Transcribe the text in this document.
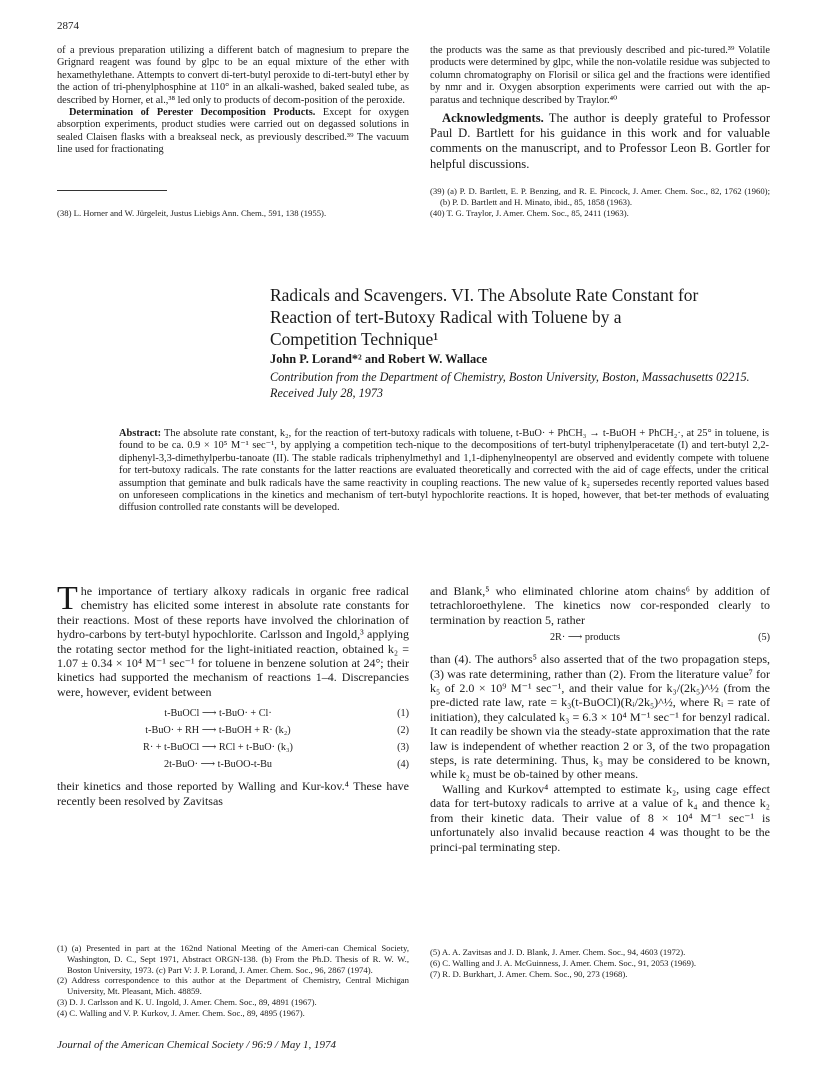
2874

of a previous preparation utilizing a different batch of magnesium to prepare the Grignard reagent was found by glpc to be an equal mixture of the ether with hexamethylethane. Attempts to convert di-tert-butyl peroxide to di-tert-butyl ether by the action of tri-phenylphosphine at 110° in an alkali-washed, baked sealed tube, as described by Horner, et al.,³⁸ led only to products of decom-position of the peroxide.

Determination of Perester Decomposition Products. Except for oxygen absorption experiments, product studies were carried out on degassed solutions in sealed Claisen flasks with a breakseal neck, as previously described.³⁹ The vacuum line used for fractionating

the products was the same as that previously described and pic-tured.³⁹ Volatile products were determined by glpc, while the non-volatile residue was subjected to column chromatography on Florisil or silica gel and the fractions were identified by nmr and ir. Oxygen absorption experiments were carried out with the ap-paratus and technique described by Traylor.⁴⁰

Acknowledgments. The author is deeply grateful to Professor Paul D. Bartlett for his guidance in this work and for valuable comments on the manuscript, and to Professor Leon B. Gortler for helpful discussions.

(38) L. Horner and W. Jürgeleit, Justus Liebigs Ann. Chem., 591, 138 (1955).

(39) (a) P. D. Bartlett, E. P. Benzing, and R. E. Pincock, J. Amer. Chem. Soc., 82, 1762 (1960); (b) P. D. Bartlett and H. Minato, ibid., 85, 1858 (1963).

(40) T. G. Traylor, J. Amer. Chem. Soc., 85, 2411 (1963).

Radicals and Scavengers. VI. The Absolute Rate Constant for Reaction of tert-Butoxy Radical with Toluene by a Competition Technique¹
John P. Lorand*² and Robert W. Wallace
Contribution from the Department of Chemistry, Boston University, Boston, Massachusetts 02215. Received July 28, 1973
Abstract: The absolute rate constant, k₂, for the reaction of tert-butoxy radicals with toluene, t-BuO· + PhCH₃ → t-BuOH + PhCH₂·, at 25° in toluene, is found to be ca. 0.9 × 10⁵ M⁻¹ sec⁻¹, by applying a competition tech-nique to the decompositions of tert-butyl triphenylperacetate (I) and tert-butyl 2,2-diphenyl-3,3-dimethylperbu-tanoate (II). The stable radicals triphenylmethyl and 1,1-diphenylneopentyl are observed and evidently compete with toluene for tert-butoxy radicals. The rate constants for the latter reactions are evaluated theoretically and corrected with the aid of cage effects, under the critical assumption that geminate and bulk radicals have the same reactivity in coupling reactions. The new value of k₂ supersedes recently reported values based on unforeseen complications in the kinetics and mechanism of tert-butyl hypochlorite reactions. It is hoped, however, that bet-ter methods of evaluating diffusion controlled rate constants will be developed.

The importance of tertiary alkoxy radicals in organic free radical chemistry has elicited some interest in absolute rate constants for their reactions. Most of these reports have involved the chlorination of hydro-carbons by tert-butyl hypochlorite. Carlsson and Ingold,³ applying the rotating sector method for the light-initiated reaction, obtained k₂ = 1.07 ± 0.34 × 10⁴ M⁻¹ sec⁻¹ for toluene in benzene solution at 24°; their kinetics had supported the mechanism of reactions 1–4. Discrepancies were, however, evident between

t-BuOCl ⟶ t-BuO· + Cl·	(1)
t-BuO· + RH ⟶ t-BuOH + R· (k₂)	(2)
R· + t-BuOCl ⟶ RCl + t-BuO· (k₃)	(3)
2t-BuO· ⟶ t-BuOO-t-Bu	(4)

their kinetics and those reported by Walling and Kur-kov.⁴ These have recently been resolved by Zavitsas

and Blank,⁵ who eliminated chlorine atom chains⁶ by addition of tetrachloroethylene. The kinetics now cor-responded clearly to termination by reaction 5, rather

2R· ⟶ products	(5)

than (4). The authors⁵ also asserted that of the two propagation steps, (3) was rate determining, rather than (2). From the literature value⁷ for k₅ of 2.0 × 10⁹ M⁻¹ sec⁻¹, and their value for k₃/(2k₅)^½ (from the pre-dicted rate law, rate = k₃(t-BuOCl)(Rᵢ/2k₅)^½, where Rᵢ = rate of initiation), they calculated k₃ = 6.3 × 10⁴ M⁻¹ sec⁻¹ for benzyl radical. It can readily be shown via the steady-state approximation that the rate law is independent of whether reaction 2 or 3, of the two propagation steps, is rate determining. Thus, k₃ may be considered to be known, while k₂ must be ob-tained by other means.

Walling and Kurkov⁴ attempted to estimate k₂, using cage effect data for tert-butoxy radicals to arrive at a value of k₄ and thence k₂ from their kinetic data. Their value of 8 × 10⁴ M⁻¹ sec⁻¹ is unfortunately also invalid because reaction 4 was thought to be the princi-pal terminating step.

(1) (a) Presented in part at the 162nd National Meeting of the Ameri-can Chemical Society, Washington, D. C., Sept 1971, Abstract ORGN-138. (b) From the Ph.D. Thesis of R. W. W., Boston University, 1973. (c) Part V: J. P. Lorand, J. Amer. Chem. Soc., 96, 2867 (1974).

(2) Address correspondence to this author at the Department of Chemistry, Central Michigan University, Mt. Pleasant, Mich. 48859.

(3) D. J. Carlsson and K. U. Ingold, J. Amer. Chem. Soc., 89, 4891 (1967).

(4) C. Walling and V. P. Kurkov, J. Amer. Chem. Soc., 89, 4895 (1967).

(5) A. A. Zavitsas and J. D. Blank, J. Amer. Chem. Soc., 94, 4603 (1972).

(6) C. Walling and J. A. McGuinness, J. Amer. Chem. Soc., 91, 2053 (1969).

(7) R. D. Burkhart, J. Amer. Chem. Soc., 90, 273 (1968).

Journal of the American Chemical Society / 96:9 / May 1, 1974
